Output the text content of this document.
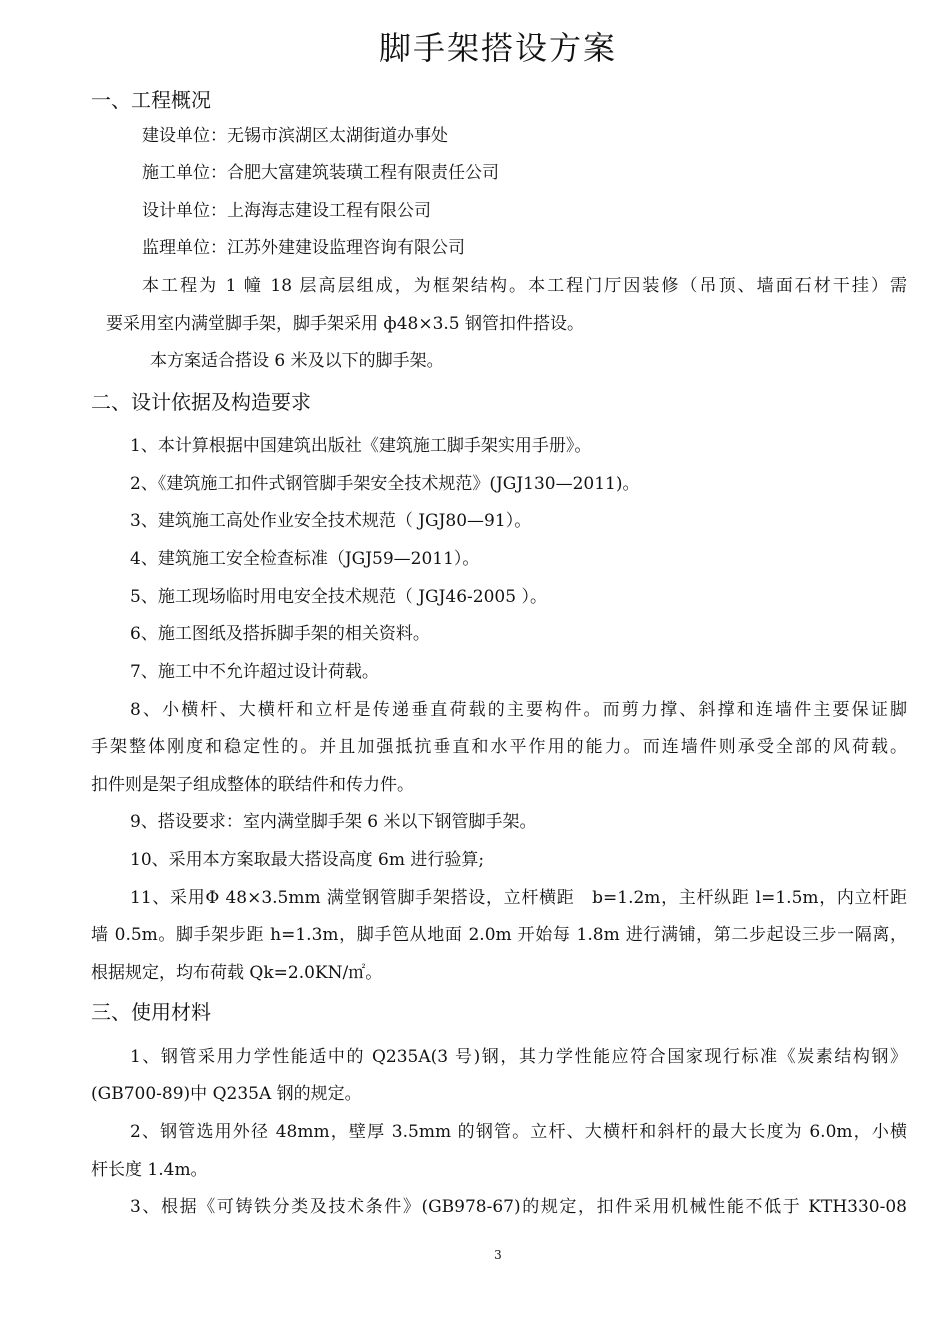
脚手架搭设方案
一、工程概况

建设单位：无锡市滨湖区太湖街道办事处

施工单位：合肥大富建筑装璜工程有限责任公司

设计单位：上海海志建设工程有限公司

监理单位：江苏外建建设监理咨询有限公司

本工程为 1 幢 18 层高层组成，为框架结构。本工程门厅因装修（吊顶、墙面石材干挂）需

要采用室内满堂脚手架，脚手架采用 ф48×3.5 钢管扣件搭设。

本方案适合搭设 6 米及以下的脚手架。

二、设计依据及构造要求

1、本计算根据中国建筑出版社《建筑施工脚手架实用手册》。

2、《建筑施工扣件式钢管脚手架安全技术规范》(JGJ130—2011)。

3、建筑施工高处作业安全技术规范（ JGJ80—91）。

4、建筑施工安全检查标准（JGJ59—2011）。

5、施工现场临时用电安全技术规范（ JGJ46-2005 ）。

6、施工图纸及搭拆脚手架的相关资料。

7、施工中不允许超过设计荷载。

8、小横杆、大横杆和立杆是传递垂直荷载的主要构件。而剪力撑、斜撑和连墙件主要保证脚

手架整体刚度和稳定性的。并且加强抵抗垂直和水平作用的能力。而连墙件则承受全部的风荷载。

扣件则是架子组成整体的联结件和传力件。

9、搭设要求：室内满堂脚手架 6 米以下钢管脚手架。

10、采用本方案取最大搭设高度 6m 进行验算;

11、采用Φ 48×3.5mm 满堂钢管脚手架搭设，立杆横距　b=1.2m，主杆纵距 l=1.5m，内立杆距

墙 0.5m。脚手架步距 h=1.3m，脚手笆从地面 2.0m 开始每 1.8m 进行满铺，第二步起设三步一隔离，

根据规定，均布荷载 Qk=2.0KN/㎡。

三、使用材料

1、钢管采用力学性能适中的 Q235A(3 号)钢，其力学性能应符合国家现行标准《炭素结构钢》

(GB700-89)中 Q235A 钢的规定。

2、钢管选用外径 48mm，壁厚 3.5mm 的钢管。立杆、大横杆和斜杆的最大长度为 6.0m，小横

杆长度 1.4m。

3、根据《可铸铁分类及技术条件》(GB978-67)的规定，扣件采用机械性能不低于 KTH330-08

3
